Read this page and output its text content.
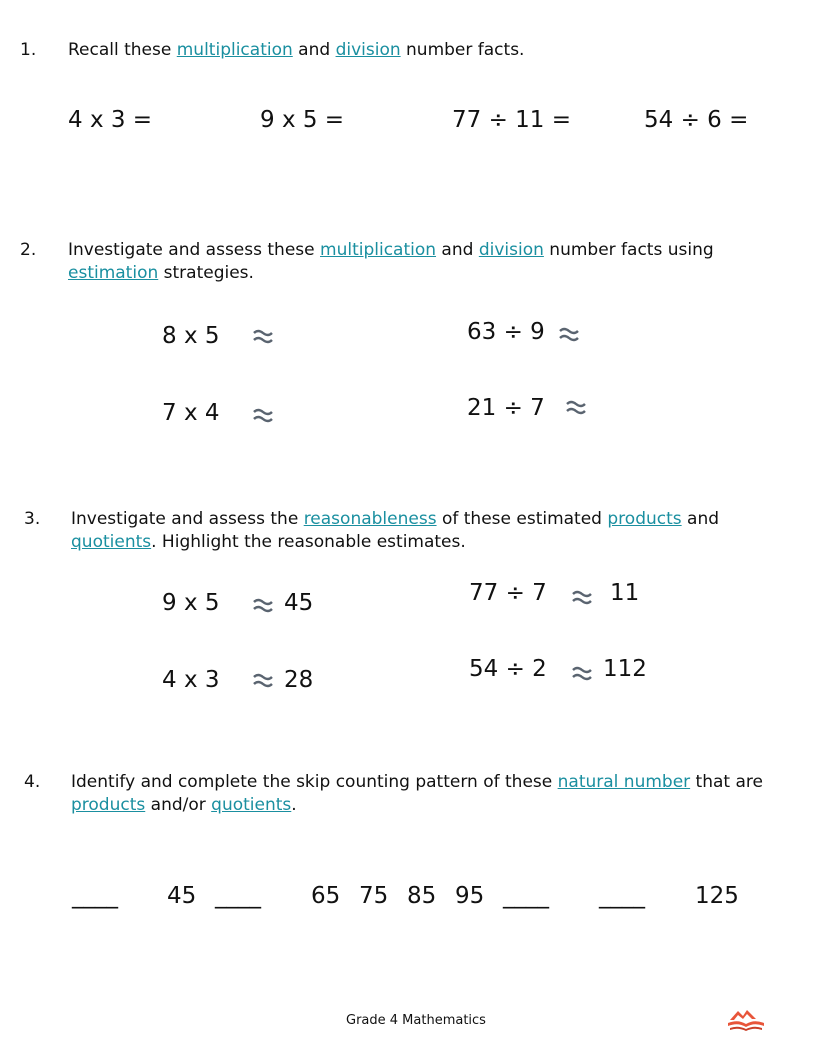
1. Recall these multiplication and division number facts.
4 x 3 =	9 x 5 =	77 ÷ 11 =	54 ÷ 6 =
2. Investigate and assess these multiplication and division number facts using
estimation strategies.
8 x 5	63 ÷ 9
7 x 4	21 ÷ 7
3. Investigate and assess the reasonableness of these estimated products and
quotients. Highlight the reasonable estimates.
9 x 5	45	77 ÷ 7	11
4 x 3	28	54 ÷ 2 112
4. Identify and complete the skip counting pattern of these natural number that are
products and/or quotients.
____ 45 ____ 65 75 85 95 ____ ____ 125
Grade 4 Mathematics
